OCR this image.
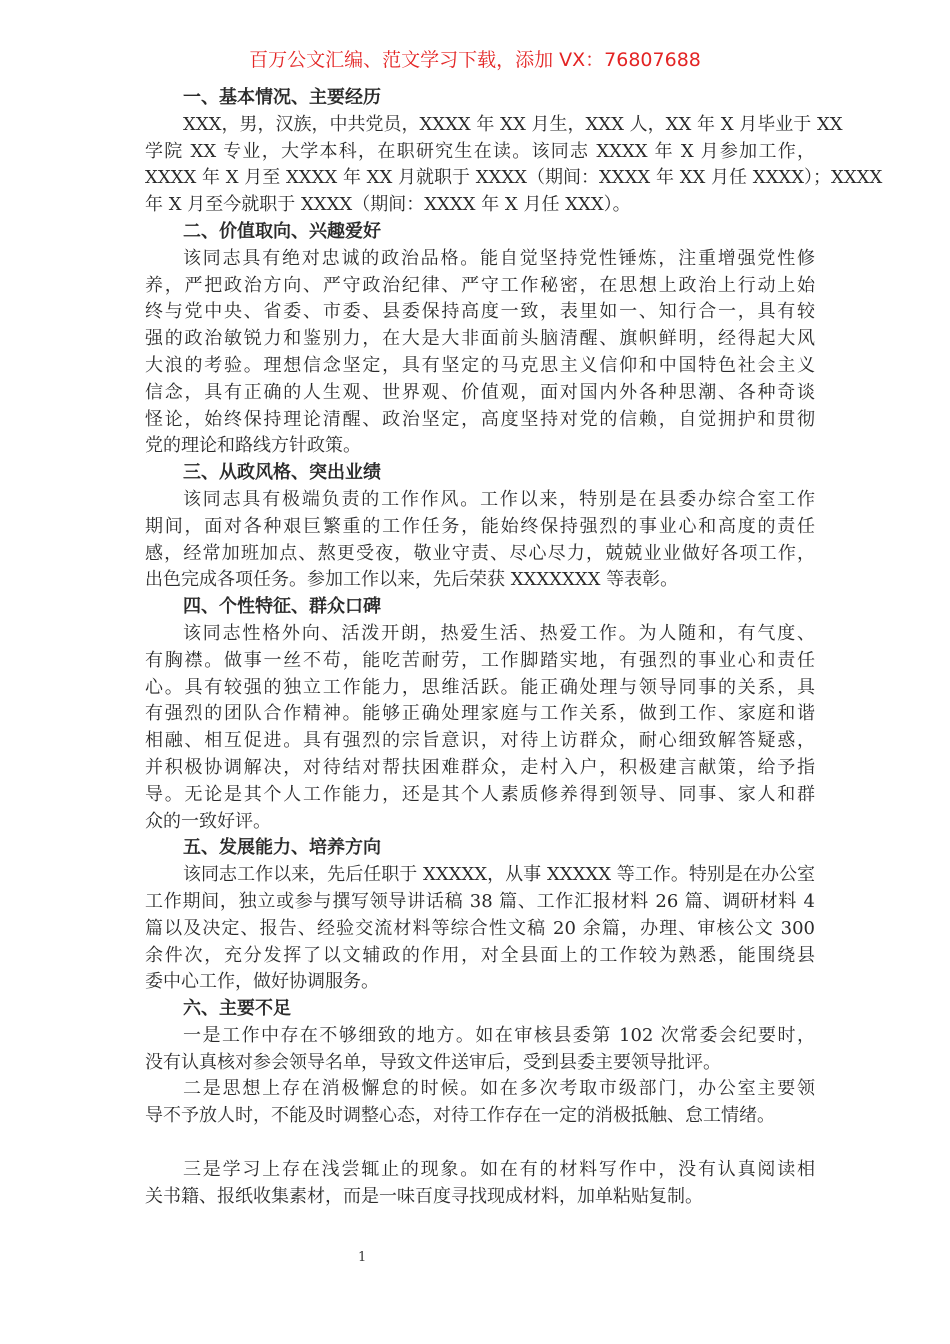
百万公文汇编、范文学习下载，添加 VX：76807688
一、基本情况、主要经历
XXX，男，汉族，中共党员，XXXX 年 XX 月生，XXX 人，XX 年 X 月毕业于 XX
学院 XX 专业，大学本科，在职研究生在读。该同志 XXXX 年 X 月参加工作，
XXXX 年 X 月至 XXXX 年 XX 月就职于 XXXX（期间：XXXX 年 XX 月任 XXXX）；XXXX
年 X 月至今就职于 XXXX（期间：XXXX 年 X 月任 XXX）。
二、价值取向、兴趣爱好
该同志具有绝对忠诚的政治品格。能自觉坚持党性锤炼，注重增强党性修
养，严把政治方向、严守政治纪律、严守工作秘密，在思想上政治上行动上始
终与党中央、省委、市委、县委保持高度一致，表里如一、知行合一，具有较
强的政治敏锐力和鉴别力，在大是大非面前头脑清醒、旗帜鲜明，经得起大风
大浪的考验。理想信念坚定，具有坚定的马克思主义信仰和中国特色社会主义
信念，具有正确的人生观、世界观、价值观，面对国内外各种思潮、各种奇谈
怪论，始终保持理论清醒、政治坚定，高度坚持对党的信赖，自觉拥护和贯彻
党的理论和路线方针政策。
三、从政风格、突出业绩
该同志具有极端负责的工作作风。工作以来，特别是在县委办综合室工作
期间，面对各种艰巨繁重的工作任务，能始终保持强烈的事业心和高度的责任
感，经常加班加点、熬更受夜，敬业守责、尽心尽力，兢兢业业做好各项工作，
出色完成各项任务。参加工作以来，先后荣获 XXXXXXX 等表彰。
四、个性特征、群众口碑
该同志性格外向、活泼开朗，热爱生活、热爱工作。为人随和，有气度、
有胸襟。做事一丝不苟，能吃苦耐劳，工作脚踏实地，有强烈的事业心和责任
心。具有较强的独立工作能力，思维活跃。能正确处理与领导同事的关系，具
有强烈的团队合作精神。能够正确处理家庭与工作关系，做到工作、家庭和谐
相融、相互促进。具有强烈的宗旨意识，对待上访群众，耐心细致解答疑惑，
并积极协调解决，对待结对帮扶困难群众，走村入户，积极建言献策，给予指
导。无论是其个人工作能力，还是其个人素质修养得到领导、同事、家人和群
众的一致好评。
五、发展能力、培养方向
该同志工作以来，先后任职于 XXXXX，从事 XXXXX 等工作。特别是在办公室
工作期间，独立或参与撰写领导讲话稿 38 篇、工作汇报材料 26 篇、调研材料 4
篇以及决定、报告、经验交流材料等综合性文稿 20 余篇，办理、审核公文 300
余件次，充分发挥了以文辅政的作用，对全县面上的工作较为熟悉，能围绕县
委中心工作，做好协调服务。
六、主要不足
一是工作中存在不够细致的地方。如在审核县委第 102 次常委会纪要时，
没有认真核对参会领导名单，导致文件送审后，受到县委主要领导批评。
二是思想上存在消极懈怠的时候。如在多次考取市级部门，办公室主要领
导不予放人时，不能及时调整心态，对待工作存在一定的消极抵触、怠工情绪。
三是学习上存在浅尝辄止的现象。如在有的材料写作中，没有认真阅读相
关书籍、报纸收集素材，而是一味百度寻找现成材料，加单粘贴复制。
1
